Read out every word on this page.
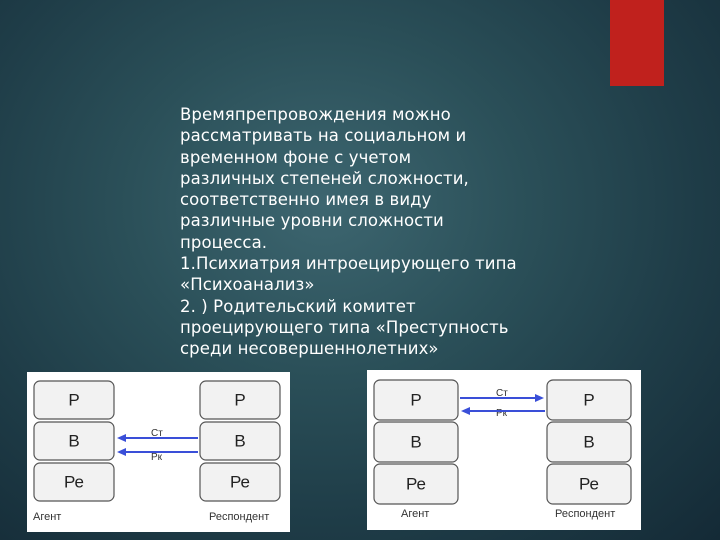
Времяпрепровождения можно
рассматривать на социальном и
временном фоне с учетом
различных степеней сложности,
соответственно имея в виду
различные уровни сложности
процесса.
1.Психиатрия интроецирующего типа
«Психоанализ»
2. ) Родительский комитет
проецирующего типа «Преступность
среди несовершеннолетних»
Р
В
Ре
Р
В
Ре
Ст
Рк
Агент	Респондент
Р
В
Ре
Р
В
Ре
Ст
Рк
Агент	Респондент
